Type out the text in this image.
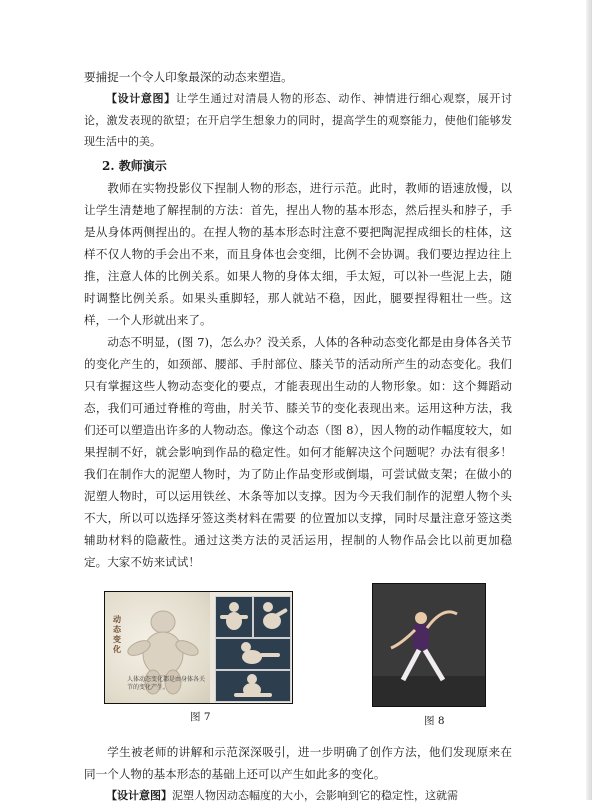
要捕捉一个令人印象最深的动态来塑造。

【设计意图】让学生通过对清晨人物的形态、动作、神情进行细心观察，展开讨论，激发表现的欲望；在开启学生想象力的同时，提高学生的观察能力，使他们能够发现生活中的美。

2. 教师演示

教师在实物投影仪下捏制人物的形态，进行示范。此时，教师的语速放慢，以让学生清楚地了解捏制的方法：首先，捏出人物的基本形态，然后捏头和脖子，手是从身体两侧捏出的。在捏人物的基本形态时注意不要把陶泥捏成细长的柱体，这样不仅人物的手会出不来，而且身体也会变细，比例不会协调。我们要边捏边往上推，注意人体的比例关系。如果人物的身体太细，手太短，可以补一些泥上去，随时调整比例关系。如果头重脚轻，那人就站不稳，因此，腿要捏得粗壮一些。这样，一个人形就出来了。

动态不明显，(图 7)，怎么办？没关系，人体的各种动态变化都是由身体各关节的变化产生的，如颈部、腰部、手肘部位、膝关节的活动所产生的动态变化。我们只有掌握这些人物动态变化的要点，才能表现出生动的人物形象。如：这个舞蹈动态，我们可通过脊椎的弯曲，肘关节、膝关节的变化表现出来。运用这种方法，我们还可以塑造出许多的人物动态。像这个动态（图 8），因人物的动作幅度较大，如果捏制不好，就会影响到作品的稳定性。如何才能解决这个问题呢？办法有很多！我们在制作大的泥塑人物时，为了防止作品变形或倒塌，可尝试做支架；在做小的泥塑人物时，可以运用铁丝、木条等加以支撑。因为今天我们制作的泥塑人物个头不大，所以可以选择牙签这类材料在需要 的位置加以支撑，同时尽量注意牙签这类辅助材料的隐蔽性。通过这类方法的灵活运用，捏制的人物作品会比以前更加稳定。大家不妨来试试！

动态变化
人体动态变化都是由身体各关节的变化产生。
图 7	图 8

学生被老师的讲解和示范深深吸引，进一步明确了创作方法，他们发现原来在同一个人物的基本形态的基础上还可以产生如此多的变化。

【设计意图】泥塑人物因动态幅度的大小，会影响到它的稳定性，这就需
